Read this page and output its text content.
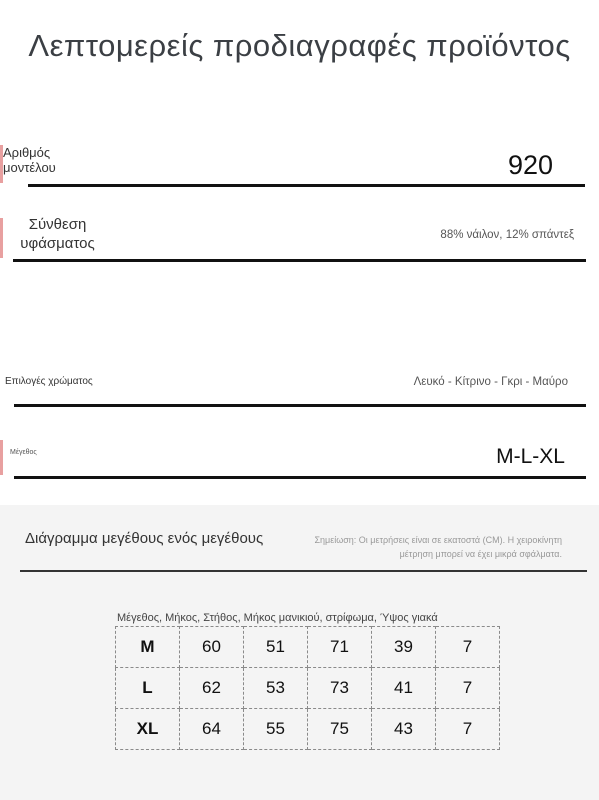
Λεπτομερείς προδιαγραφές προϊόντος
Αριθμός μοντέλου	920
Σύνθεση υφάσματος	88% νάιλον, 12% σπάντεξ
Επιλογές χρώματος	Λευκό - Κίτρινο - Γκρι - Μαύρο
Μέγεθος	M-L-XL
Διάγραμμα μεγέθους ενός μεγέθους	Σημείωση: Οι μετρήσεις είναι σε εκατοστά (CM). Η χειροκίνητη μέτρηση μπορεί να έχει μικρά σφάλματα.
Μέγεθος, Μήκος, Στήθος, Μήκος μανικιού, στρίφωμα, Ύψος γιακά
M	60	51	71	39	7
L	62	53	73	41	7
XL	64	55	75	43	7
